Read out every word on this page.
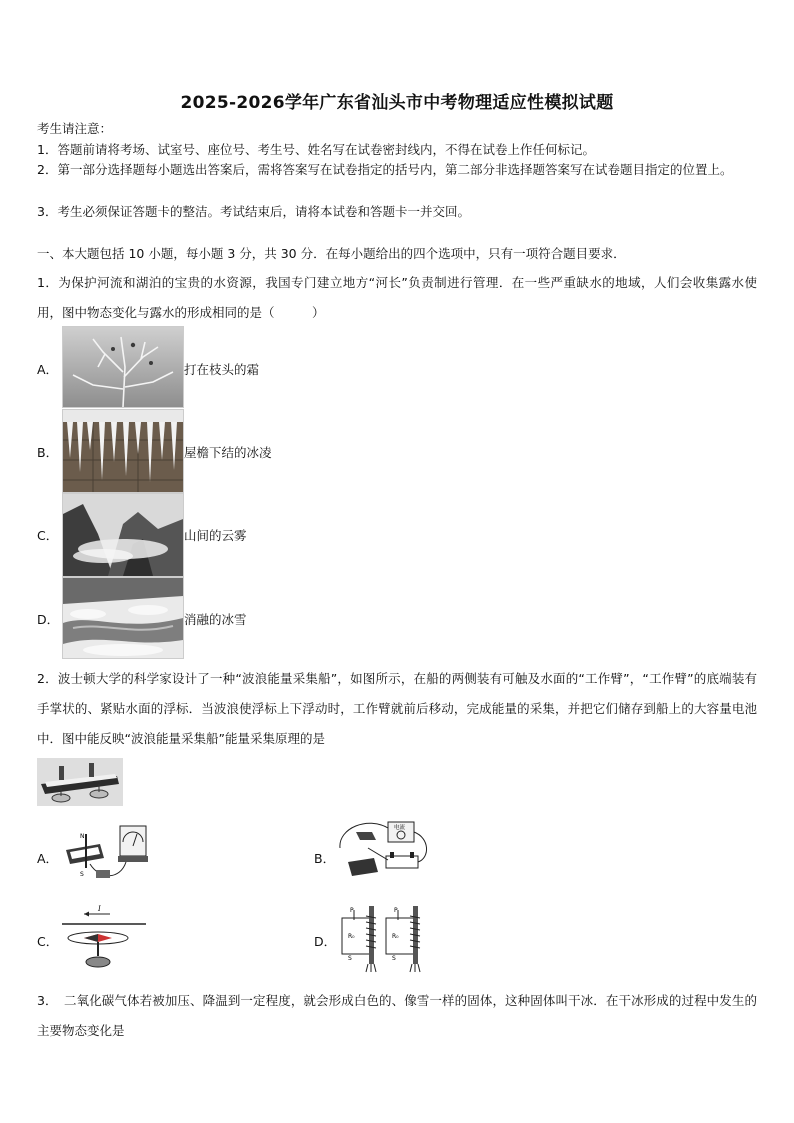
2025-2026学年广东省汕头市中考物理适应性模拟试题
考生请注意：
1．答题前请将考场、试室号、座位号、考生号、姓名写在试卷密封线内，不得在试卷上作任何标记。
2．第一部分选择题每小题选出答案后，需将答案写在试卷指定的括号内，第二部分非选择题答案写在试卷题目指定的位置上。
3．考生必须保证答题卡的整洁。考试结束后，请将本试卷和答题卡一并交回。
一、本大题包括 10 小题，每小题 3 分，共 30 分．在每小题给出的四个选项中，只有一项符合题目要求．
1．为保护河流和湖泊的宝贵的水资源，我国专门建立地方“河长”负责制进行管理．在一些严重缺水的地域，人们会收集露水使用，图中物态变化与露水的形成相同的是（　　　）
A．	打在枝头的霜
B．	屋檐下结的冰凌
C．	山间的云雾
D．	消融的冰雪
2．波士顿大学的科学家设计了一种“波浪能量采集船”，如图所示，在船的两侧装有可触及水面的“工作臂”，“工作臂”的底端装有手掌状的、紧贴水面的浮标．当波浪使浮标上下浮动时，工作臂就前后移动，完成能量的采集，并把它们储存到船上的大容量电池中．图中能反映“波浪能量采集船”能量采集原理的是
A．
N
S
B．
电流
C．
I
D．
P	P
R₀	R₀
S	S
3．　二氧化碳气体若被加压、降温到一定程度，就会形成白色的、像雪一样的固体，这种固体叫干冰．在干冰形成的过程中发生的主要物态变化是
